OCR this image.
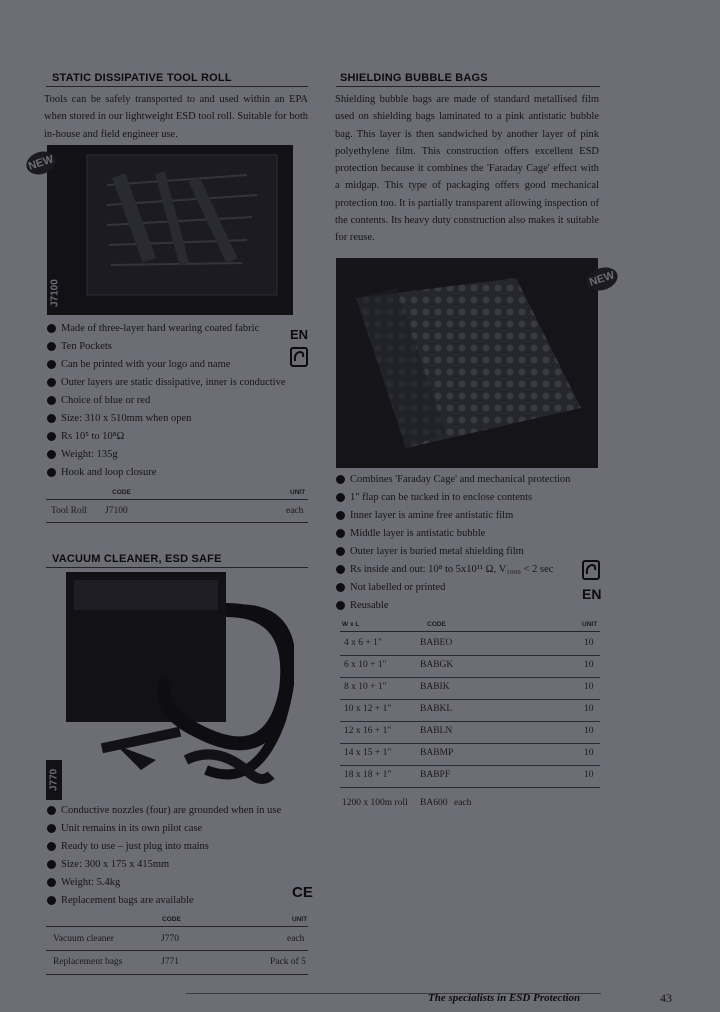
STATIC DISSIPATIVE TOOL ROLL

Tools can be safely transported to and used within an EPA when stored in our lightweight ESD tool roll. Suitable for both in-house and field engineer use.

J7100
NEW
Made of three-layer hard wearing coated fabric
Ten Pockets
Can be printed with your logo and name
Outer layers are static dissipative, inner is conductive
Choice of blue or red
Size: 310 x 510mm when open
Rs 10⁵ to 10⁸Ω
Weight: 135g
Hook and loop closure
EN
CODE	UNIT
Tool Roll J7100	each
VACUUM CLEANER, ESD SAFE
J770
Conductive nozzles (four) are grounded when in use
Unit remains in its own pilot case
Ready to use – just plug into mains
Size: 300 x 175 x 415mm
Weight: 5.4kg
Replacement bags are available	CE
CODE	UNIT
Vacuum cleaner	J770	each
Replacement bags	J771	Pack of 5
SHIELDING BUBBLE BAGS

Shielding bubble bags are made of standard metallised film used on shielding bags laminated to a pink antistatic bubble bag. This layer is then sandwiched by another layer of pink polyethylene film. This construction offers excellent ESD protection because it combines the 'Faraday Cage' effect with a midgap. This type of packaging offers good mechanical protection too. It is partially transparent allowing inspection of the contents. Its heavy duty construction also makes it suitable for reuse.

NEW
Combines 'Faraday Cage' and mechanical protection
1" flap can be tucked in to enclose contents
Inner layer is amine free antistatic film
Middle layer is antistatic bubble
Outer layer is buried metal shielding film
Rs inside and out: 10⁸ to 5x10¹¹ Ω, V₁₀₀₀ < 2 sec
Not labelled or printed
Reusable
EN
W x L	CODE	UNIT
4 x 6 + 1"	BABEO	10
6 x 10 + 1"	BABGK	10
8 x 10 + 1"	BABIK	10
10 x 12 + 1"	BABKL	10
12 x 16 + 1"	BABLN	10
14 x 15 + 1"	BABMP	10
18 x 18 + 1"	BABPF	10
1200 x 100m roll BA600 each
The specialists in ESD Protection	43
